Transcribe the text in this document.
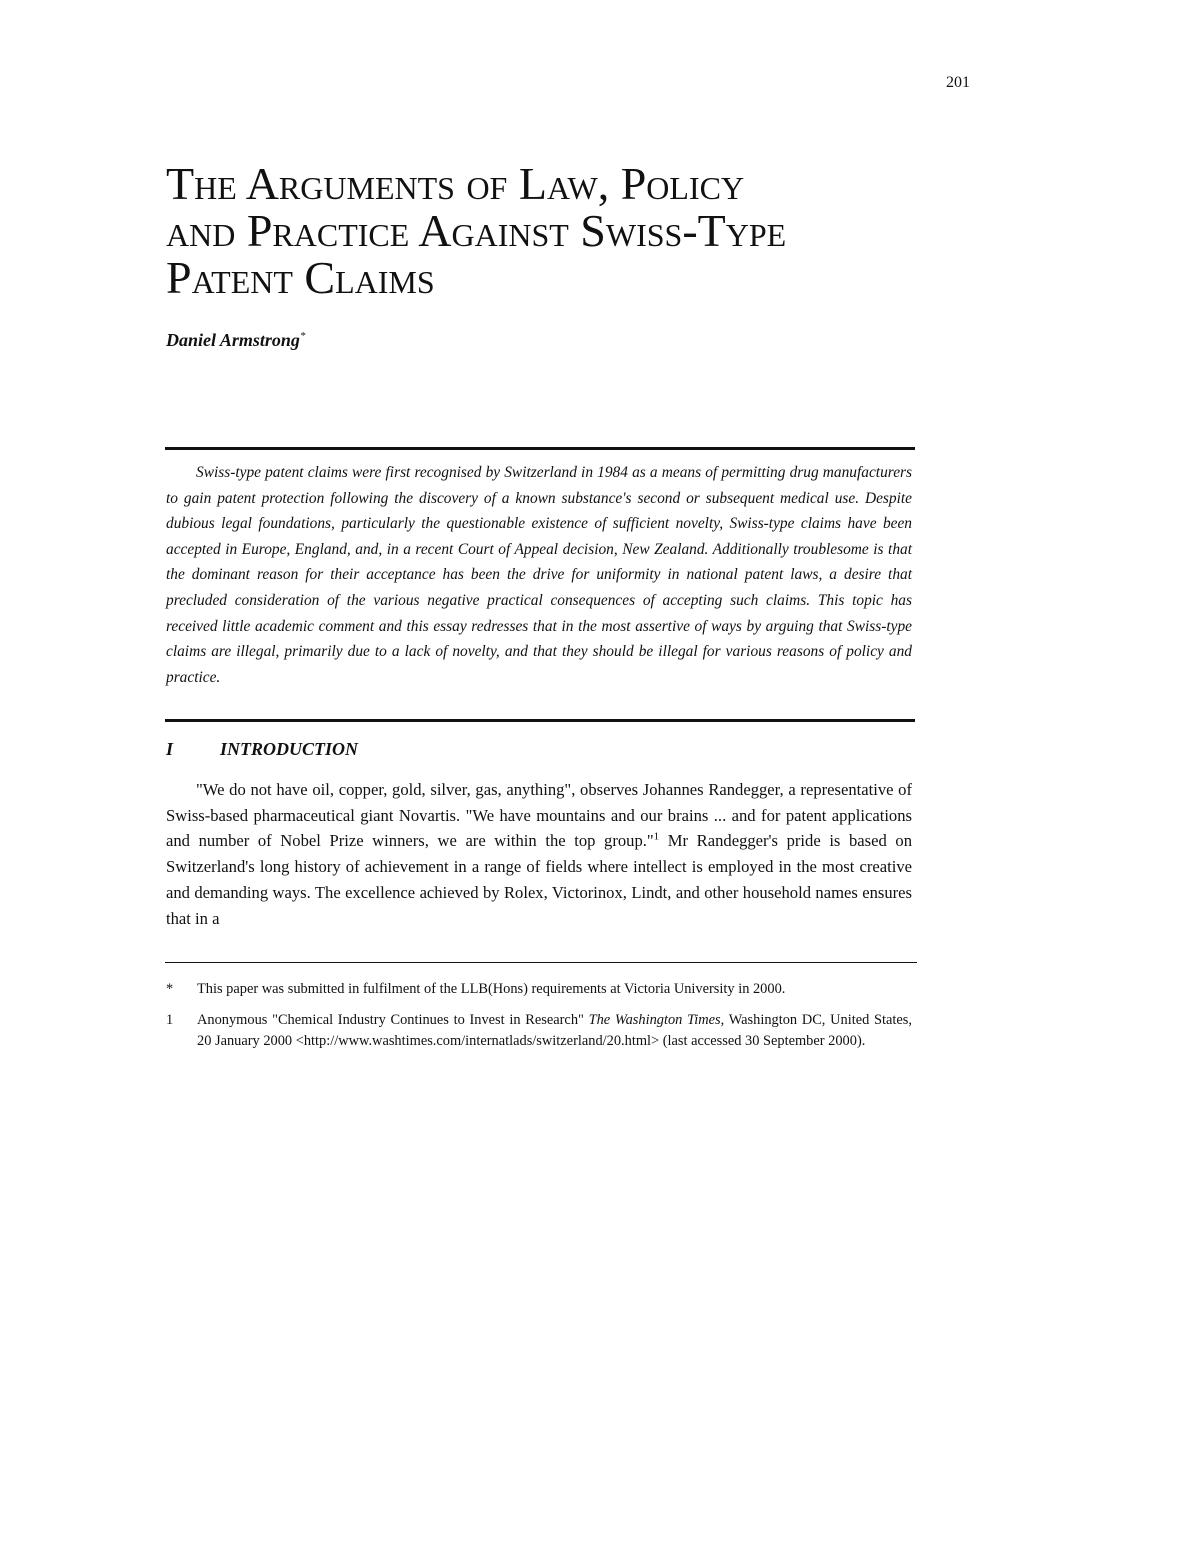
201
The Arguments of Law, Policy
and Practice Against Swiss-Type
Patent Claims
Daniel Armstrong*

Swiss-type patent claims were first recognised by Switzerland in 1984 as a means of permitting drug manufacturers to gain patent protection following the discovery of a known substance's second or subsequent medical use. Despite dubious legal foundations, particularly the questionable existence of sufficient novelty, Swiss-type claims have been accepted in Europe, England, and, in a recent Court of Appeal decision, New Zealand. Additionally troublesome is that the dominant reason for their acceptance has been the drive for uniformity in national patent laws, a desire that precluded consideration of the various negative practical consequences of accepting such claims. This topic has received little academic comment and this essay redresses that in the most assertive of ways by arguing that Swiss-type claims are illegal, primarily due to a lack of novelty, and that they should be illegal for various reasons of policy and practice.

I	INTRODUCTION

"We do not have oil, copper, gold, silver, gas, anything", observes Johannes Randegger, a representative of Swiss-based pharmaceutical giant Novartis. "We have mountains and our brains ... and for patent applications and number of Nobel Prize winners, we are within the top group."$^1$ Mr Randegger's pride is based on Switzerland's long history of achievement in a range of fields where intellect is employed in the most creative and demanding ways. The excellence achieved by Rolex, Victorinox, Lindt, and other household names ensures that in a

* This paper was submitted in fulfilment of the LLB(Hons) requirements at Victoria University in 2000.
1 Anonymous "Chemical Industry Continues to Invest in Research" The Washington Times, Washington DC, United States, 20 January 2000 <http://www.washtimes.com/internatlads/switzerland/20.html> (last accessed 30 September 2000).
